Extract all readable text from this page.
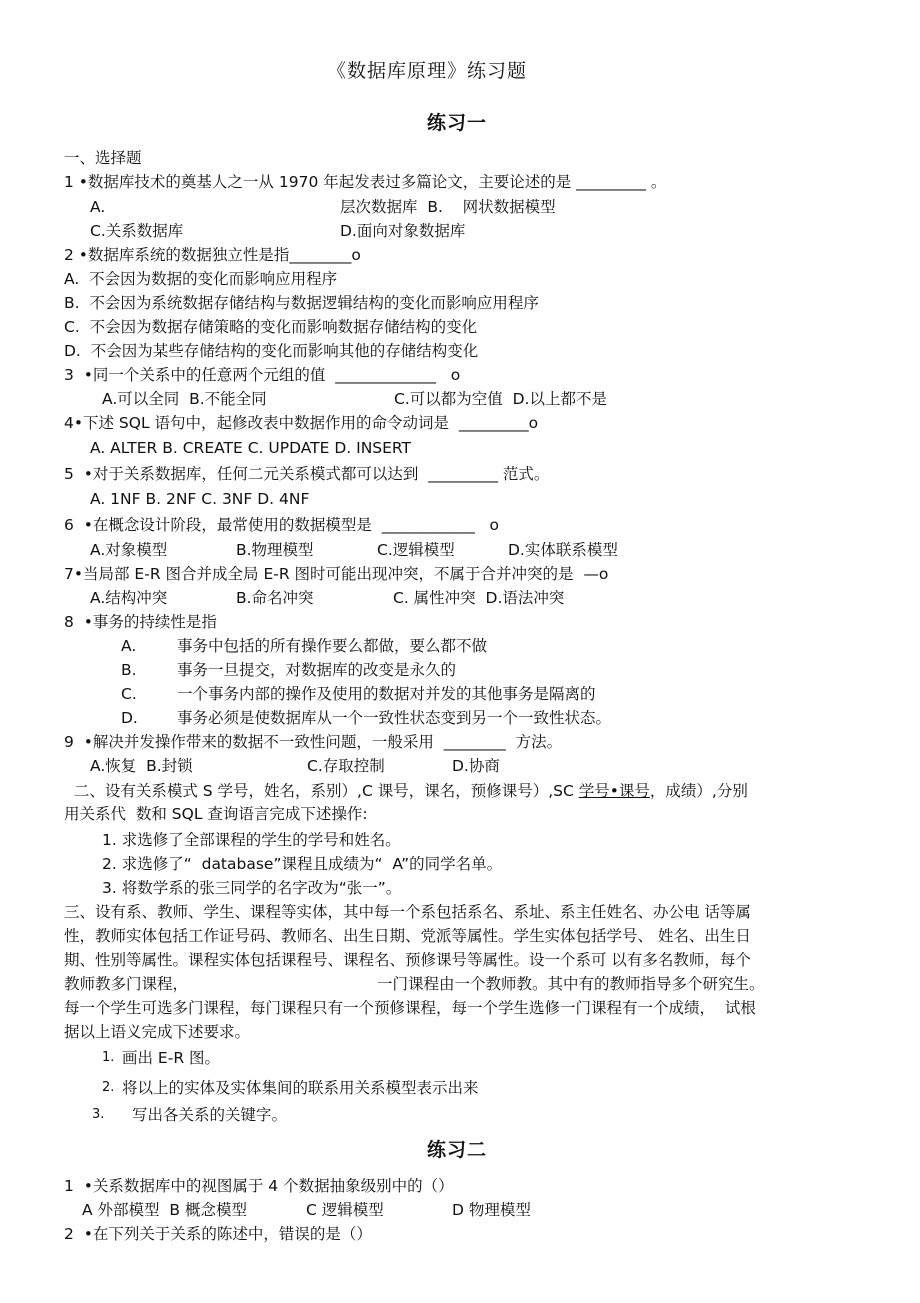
《数据库原理》练习题
练习一
一、选择题
1 •数据库技术的奠基人之一从 1970 年起发表过多篇论文，主要论述的是 _________ 。
A.	层次数据库  B.    网状数据模型
C.关系数据库	D.面向对象数据库
2 •数据库系统的数据独立性是指________o
A.  不会因为数据的变化而影响应用程序
B.  不会因为系统数据存储结构与数据逻辑结构的变化而影响应用程序
C.  不会因为数据存储策略的变化而影响数据存储结构的变化
D.  不会因为某些存储结构的变化而影响其他的存储结构变化
3  •同一个关系中的任意两个元组的值  _____________   o
A.可以全同  B.不能全同	C.可以都为空值  D.以上都不是
4•下述 SQL 语句中，起修改表中数据作用的命令动词是  _________o
A. ALTER B. CREATE C. UPDATE D. INSERT
5  •对于关系数据库，任何二元关系模式都可以达到  _________ 范式。
A. 1NF B. 2NF C. 3NF D. 4NF
6  •在概念设计阶段，最常使用的数据模型是  ____________   o
A.对象模型	B.物理模型	C.逻辑模型	D.实体联系模型
7•当局部 E-R 图合并成全局 E-R 图时可能出现冲突，不属于合并冲突的是  —o
A.结构冲突	B.命名冲突	C. 属性冲突  D.语法冲突
8  •事务的持续性是指
A.	事务中包括的所有操作要么都做，要么都不做
B.	事务一旦提交，对数据库的改变是永久的
C.	一个事务内部的操作及使用的数据对并发的其他事务是隔离的
D.	事务必须是使数据库从一个一致性状态变到另一个一致性状态。
9  •解决并发操作带来的数据不一致性问题，一般采用  ________  方法。
A.恢复  B.封锁	C.存取控制	D.协商
二、设有关系模式 S 学号，姓名，系别）,C 课号，课名，预修课号）,SC 学号•课号，成绩）,分别
用关系代  数和 SQL 查询语言完成下述操作:
1. 求选修了全部课程的学生的学号和姓名。
2. 求选修了“  database”课程且成绩为“  A”的同学名单。
3. 将数学系的张三同学的名字改为“张一”。
三、设有系、教师、学生、课程等实体，其中每一个系包括系名、系址、系主任姓名、办公电 话等属
性，教师实体包括工作证号码、教师名、出生日期、党派等属性。学生实体包括学号、 姓名、出生日
期、性别等属性。课程实体包括课程号、课程名、预修课号等属性。设一个系可 以有多名教师，每个
教师教多门课程，	一门课程由一个教师教。其中有的教师指导多个研究生。
每一个学生可选多门课程，每门课程只有一个预修课程，每一个学生选修一门课程有一个成绩，  试根
据以上语义完成下述要求。
1. 画出 E-R 图。
2. 将以上的实体及实体集间的联系用关系模型表示出来
3. 写出各关系的关键字。
练习二
1  •关系数据库中的视图属于 4 个数据抽象级别中的（）
A 外部模型  B 概念模型	C 逻辑模型	D 物理模型
2  •在下列关于关系的陈述中，错误的是（）
